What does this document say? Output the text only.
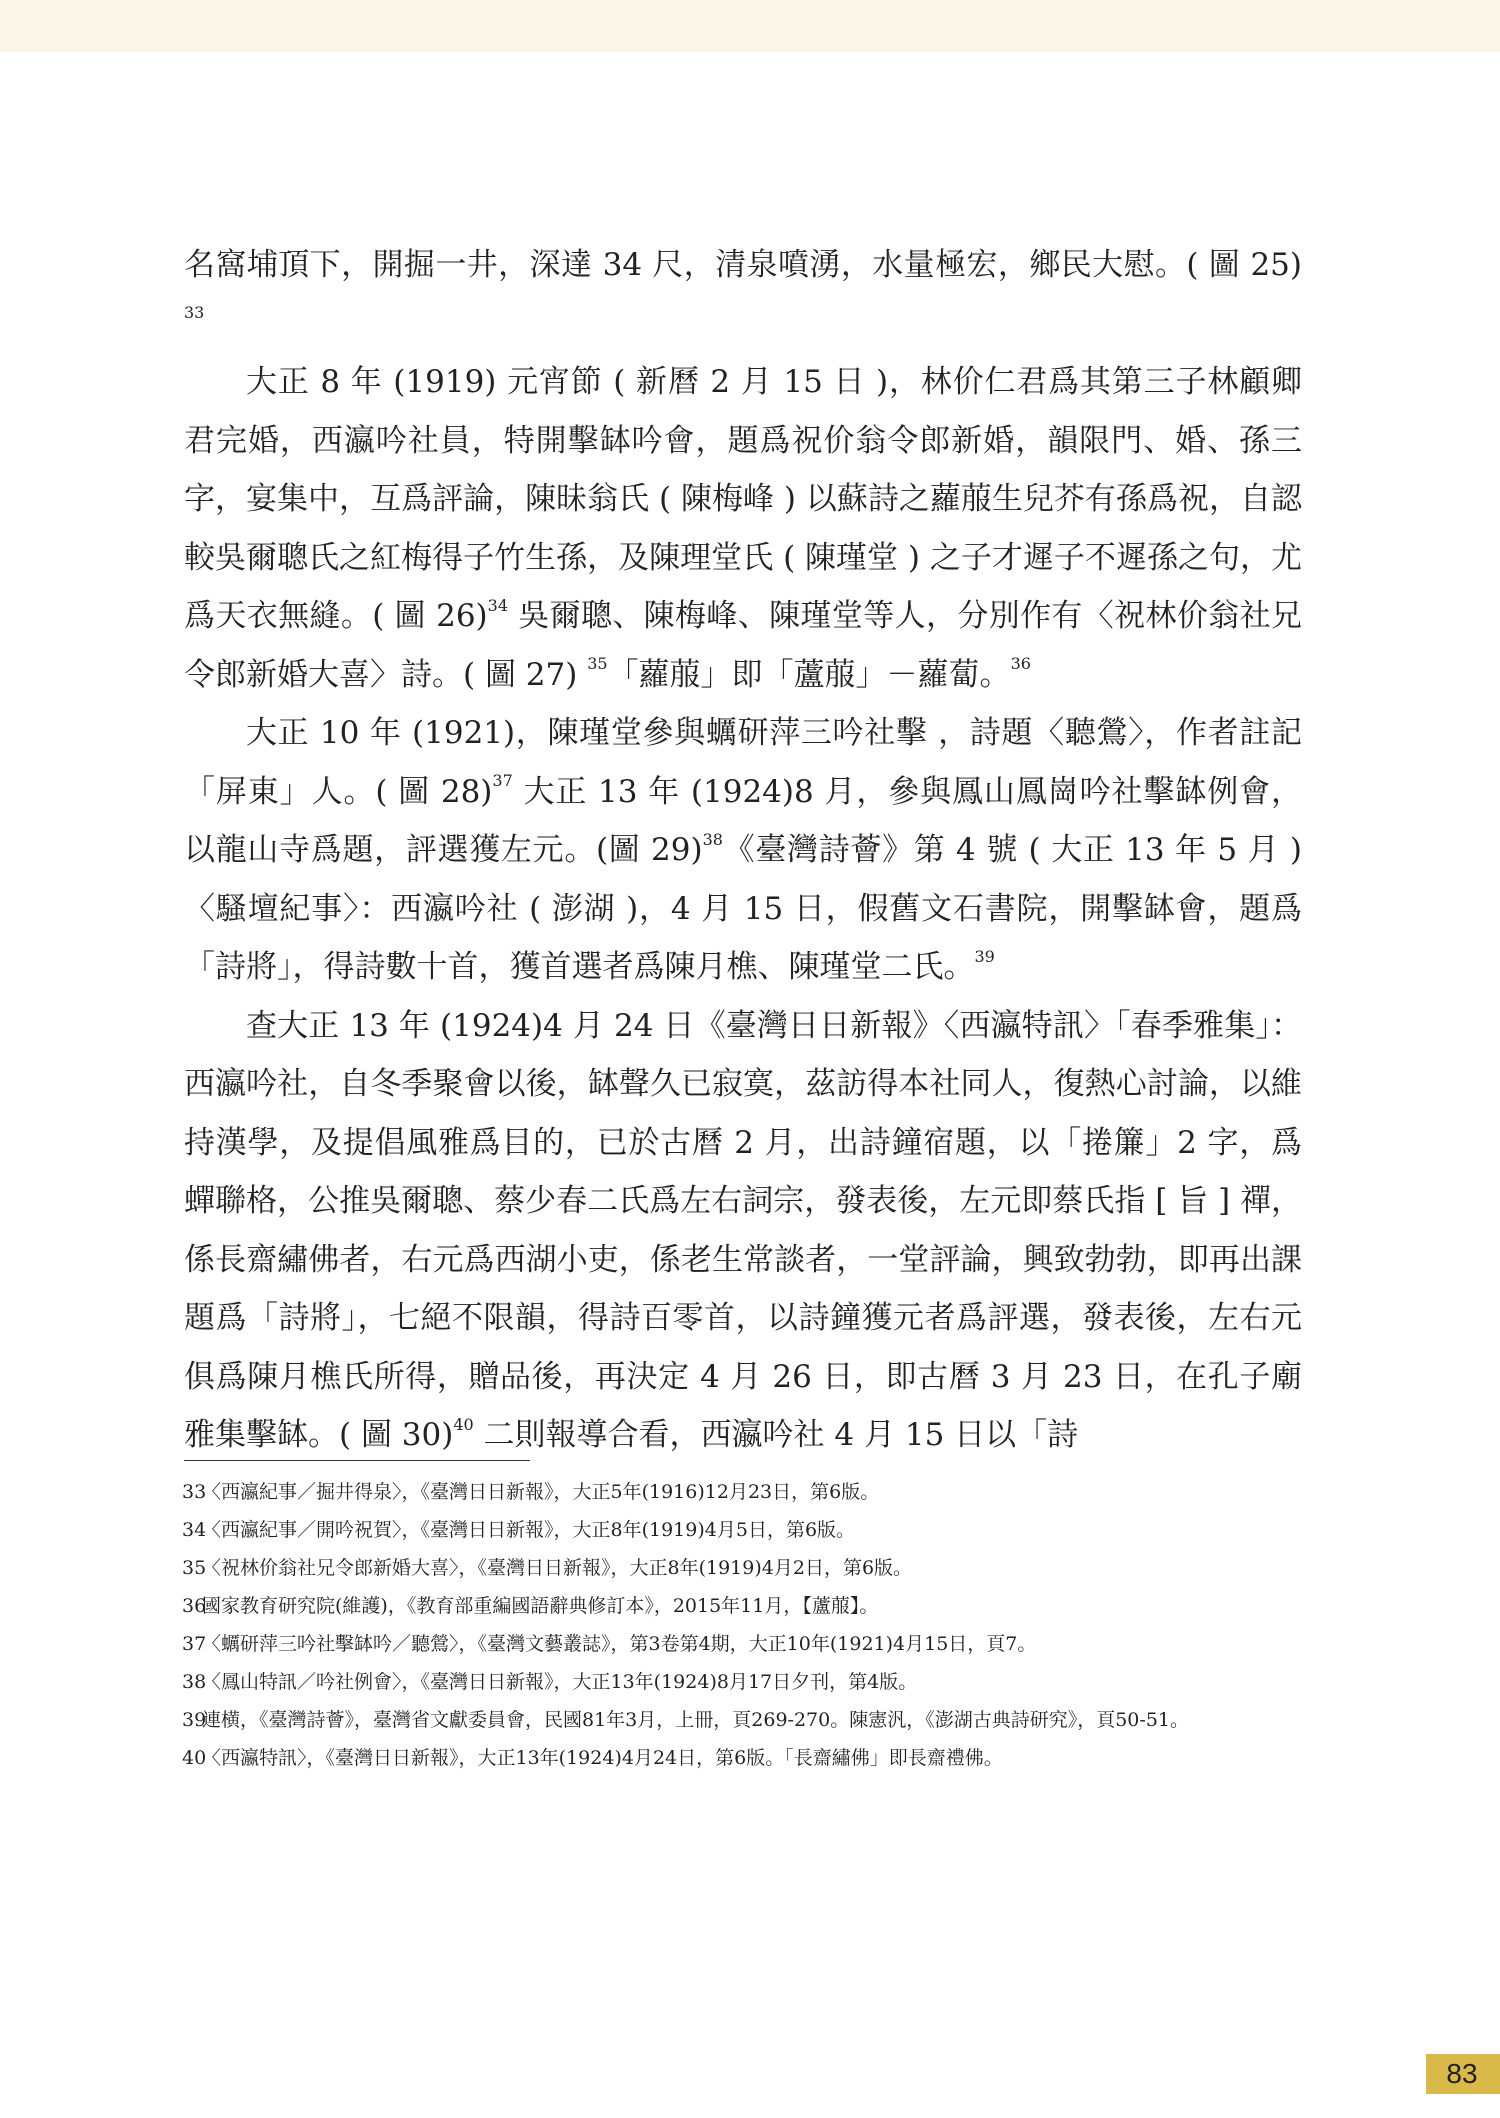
名窩埔頂下，開掘一井，深達 34 尺，清泉噴湧，水量極宏，鄉民大慰。( 圖 25) $^{33}$

大正 8 年 (1919) 元宵節 ( 新曆 2 月 15 日 )，林价仁君爲其第三子林顧卿君完婚，西瀛吟社員，特開擊缽吟會，題爲祝价翁令郎新婚，韻限門、婚、孫三字，宴集中，互爲評論，陳昧翁氏 ( 陳梅峰 ) 以蘇詩之蘿菔生兒芥有孫爲祝，自認較吳爾聰氏之紅梅得子竹生孫，及陳理堂氏 ( 陳瑾堂 ) 之子才遲子不遲孫之句，尤爲天衣無縫。( 圖 26)$^{34}$ 吳爾聰、陳梅峰、陳瑾堂等人，分別作有〈祝林价翁社兄令郎新婚大喜〉詩。( 圖 27) $^{35}$「蘿菔」即「蘆菔」－蘿蔔。$^{36}$

大正 10 年 (1921)，陳瑾堂參與蠣研萍三吟社擊 ，詩題〈聽鶯〉，作者註記「屏東」人。( 圖 28)$^{37}$ 大正 13 年 (1924)8 月，參與鳳山鳳崗吟社擊缽例會，以龍山寺爲題，評選獲左元。(圖 29)$^{38}$《臺灣詩薈》第 4 號 ( 大正 13 年 5 月 )〈騷壇紀事〉：西瀛吟社 ( 澎湖 )，4 月 15 日，假舊文石書院，開擊缽會，題爲「詩將」，得詩數十首，獲首選者爲陳月樵、陳瑾堂二氏。$^{39}$

查大正 13 年 (1924)4 月 24 日《臺灣日日新報》〈西瀛特訊〉「春季雅集」：西瀛吟社，自冬季聚會以後，缽聲久已寂寞，茲訪得本社同人，復熱心討論，以維持漢學，及提倡風雅爲目的，已於古曆 2 月，出詩鐘宿題，以「捲簾」2 字，爲蟬聯格，公推吳爾聰、蔡少春二氏爲左右詞宗，發表後，左元即蔡氏指 [ 旨 ] 禪，係長齋繡佛者，右元爲西湖小吏，係老生常談者，一堂評論，興致勃勃，即再出課題爲「詩將」，七絕不限韻，得詩百零首，以詩鐘獲元者爲評選，發表後，左右元俱爲陳月樵氏所得，贈品後，再決定 4 月 26 日，即古曆 3 月 23 日，在孔子廟雅集擊缽。( 圖 30)$^{40}$ 二則報導合看，西瀛吟社 4 月 15 日以「詩

33
〈西瀛紀事／掘井得泉〉，《臺灣日日新報》，大正5年(1916)12月23日，第6版。
34
〈西瀛紀事／開吟祝賀〉，《臺灣日日新報》，大正8年(1919)4月5日，第6版。
35
〈祝林价翁社兄令郎新婚大喜〉，《臺灣日日新報》，大正8年(1919)4月2日，第6版。
36
國家教育研究院(維護)，《教育部重編國語辭典修訂本》，2015年11月，【蘆菔】。
37
〈蠣研萍三吟社擊缽吟／聽鶯〉，《臺灣文藝叢誌》，第3卷第4期，大正10年(1921)4月15日，頁7。
38
〈鳳山特訊／吟社例會〉，《臺灣日日新報》，大正13年(1924)8月17日夕刊，第4版。
39
連横，《臺灣詩薈》，臺灣省文獻委員會，民國81年3月，上冊，頁269-270。陳憲汎，《澎湖古典詩研究》，頁50-51。
40
〈西瀛特訊〉，《臺灣日日新報》，大正13年(1924)4月24日，第6版。「長齋繡佛」即長齋禮佛。
83
